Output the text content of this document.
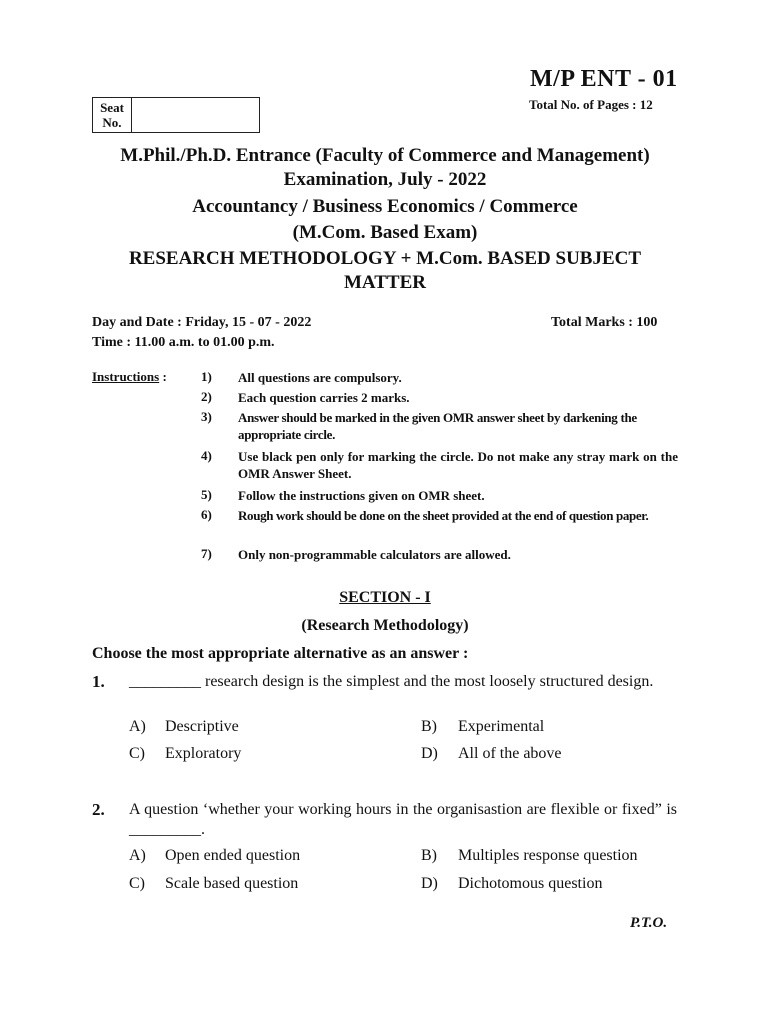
M/P ENT - 01
Total No. of Pages : 12
Seat
No.
M.Phil./Ph.D. Entrance (Faculty of Commerce and Management)
Examination, July - 2022
Accountancy / Business Economics / Commerce
(M.Com. Based Exam)
RESEARCH METHODOLOGY + M.Com. BASED SUBJECT
MATTER
Day and Date : Friday, 15 - 07 - 2022	Total Marks : 100
Time : 11.00 a.m. to 01.00 p.m.
Instructions :	1) All questions are compulsory.
2) Each question carries 2 marks.
3) Answer should be marked in the given OMR answer sheet by darkening the appropriate circle.
4) Use black pen only for marking the circle. Do not make any stray mark on the OMR Answer Sheet.
5) Follow the instructions given on OMR sheet.
6) Rough work should be done on the sheet provided at the end of question paper.
7) Only non-programmable calculators are allowed.
SECTION - I
(Research Methodology)
Choose the most appropriate alternative as an answer :
1. _________ research design is the simplest and the most loosely structured design.
A) Descriptive	B) Experimental
C) Exploratory	D) All of the above
2. A question ‘whether your working hours in the organisastion are flexible or fixed” is _________.
A) Open ended question	B) Multiples response question
C) Scale based question	D) Dichotomous question
P.T.O.
